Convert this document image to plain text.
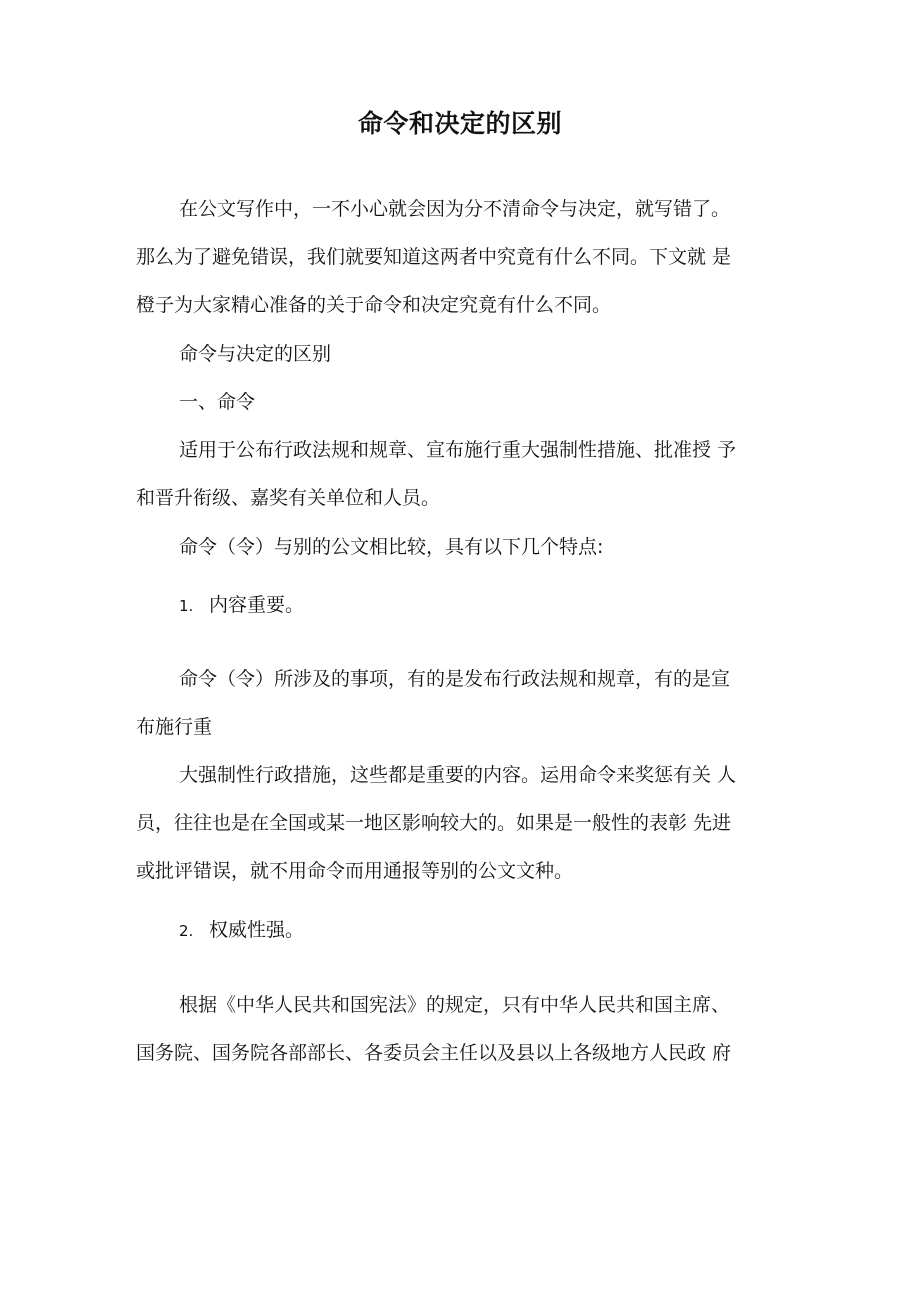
命令和决定的区别
在公文写作中，一不小心就会因为分不清命令与决定，就写错了。
那么为了避免错误，我们就要知道这两者中究竟有什么不同。下文就 是
橙子为大家精心准备的关于命令和决定究竟有什么不同。
命令与决定的区别
一、命令
适用于公布行政法规和规章、宣布施行重大强制性措施、批准授 予
和晋升衔级、嘉奖有关单位和人员。
命令（令）与别的公文相比较，具有以下几个特点:
1. 内容重要。
命令（令）所涉及的事项，有的是发布行政法规和规章，有的是宣
布施行重
大强制性行政措施，这些都是重要的内容。运用命令来奖惩有关 人
员，往往也是在全国或某一地区影响较大的。如果是一般性的表彰 先进
或批评错误，就不用命令而用通报等别的公文文种。
2. 权威性强。
根据《中华人民共和国宪法》的规定，只有中华人民共和国主席、
国务院、国务院各部部长、各委员会主任以及县以上各级地方人民政 府
